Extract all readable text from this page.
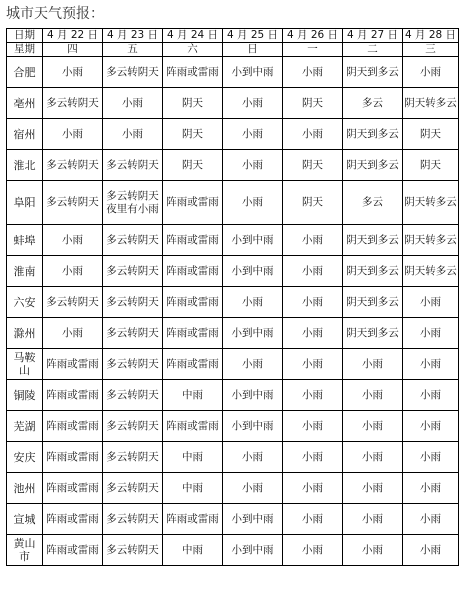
城市天气预报：
日期	4 月 22 日	4 月 23 日	4 月 24 日	4 月 25 日	4 月 26 日	4 月 27 日	4 月 28 日
星期	四	五	六	日	一	二	三
合肥	小雨	多云转阴天	阵雨或雷雨	小到中雨	小雨	阴天到多云	小雨
亳州	多云转阴天	小雨	阴天	小雨	阴天	多云	阴天转多云
宿州	小雨	小雨	阴天	小雨	小雨	阴天到多云	阴天
淮北	多云转阴天	多云转阴天	阴天	小雨	阴天	阴天到多云	阴天
阜阳	多云转阴天	多云转阴天夜里有小雨	阵雨或雷雨	小雨	阴天	多云	阴天转多云
蚌埠	小雨	多云转阴天	阵雨或雷雨	小到中雨	小雨	阴天到多云	阴天转多云
淮南	小雨	多云转阴天	阵雨或雷雨	小到中雨	小雨	阴天到多云	阴天转多云
六安	多云转阴天	多云转阴天	阵雨或雷雨	小雨	小雨	阴天到多云	小雨
滁州	小雨	多云转阴天	阵雨或雷雨	小到中雨	小雨	阴天到多云	小雨
马鞍山	阵雨或雷雨	多云转阴天	阵雨或雷雨	小雨	小雨	小雨	小雨
铜陵	阵雨或雷雨	多云转阴天	中雨	小到中雨	小雨	小雨	小雨
芜湖	阵雨或雷雨	多云转阴天	阵雨或雷雨	小到中雨	小雨	小雨	小雨
安庆	阵雨或雷雨	多云转阴天	中雨	小雨	小雨	小雨	小雨
池州	阵雨或雷雨	多云转阴天	中雨	小雨	小雨	小雨	小雨
宣城	阵雨或雷雨	多云转阴天	阵雨或雷雨	小到中雨	小雨	小雨	小雨
黄山市	阵雨或雷雨	多云转阴天	中雨	小到中雨	小雨	小雨	小雨
